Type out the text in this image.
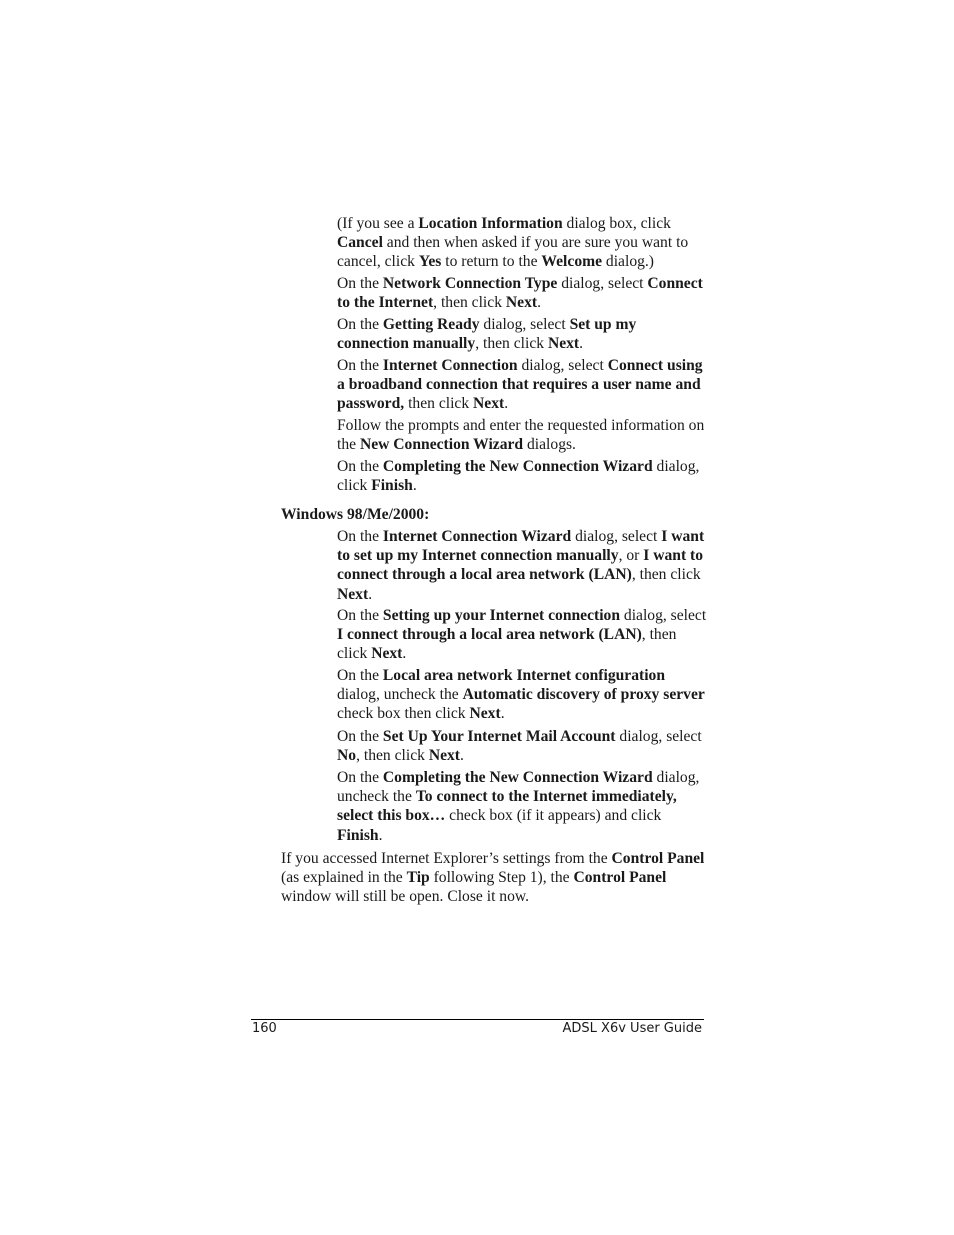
(If you see a Location Information dialog box, click Cancel and then when asked if you are sure you want to cancel, click Yes to return to the Welcome dialog.)

On the Network Connection Type dialog, select Connect to the Internet, then click Next.

On the Getting Ready dialog, select Set up my connection manually, then click Next.

On the Internet Connection dialog, select Connect using a broadband connection that requires a user name and password, then click Next.

Follow the prompts and enter the requested information on the New Connection Wizard dialogs.

On the Completing the New Connection Wizard dialog, click Finish.

Windows 98/Me/2000:

On the Internet Connection Wizard dialog, select I want to set up my Internet connection manually, or I want to connect through a local area network (LAN), then click Next.

On the Setting up your Internet connection dialog, select I connect through a local area network (LAN), then click Next.

On the Local area network Internet configuration dialog, uncheck the Automatic discovery of proxy server check box then click Next.

On the Set Up Your Internet Mail Account dialog, select No, then click Next.

On the Completing the New Connection Wizard dialog, uncheck the To connect to the Internet immediately, select this box… check box (if it appears) and click Finish.

If you accessed Internet Explorer’s settings from the Control Panel (as explained in the Tip following Step 1), the Control Panel window will still be open. Close it now.

160	ADSL X6v User Guide
